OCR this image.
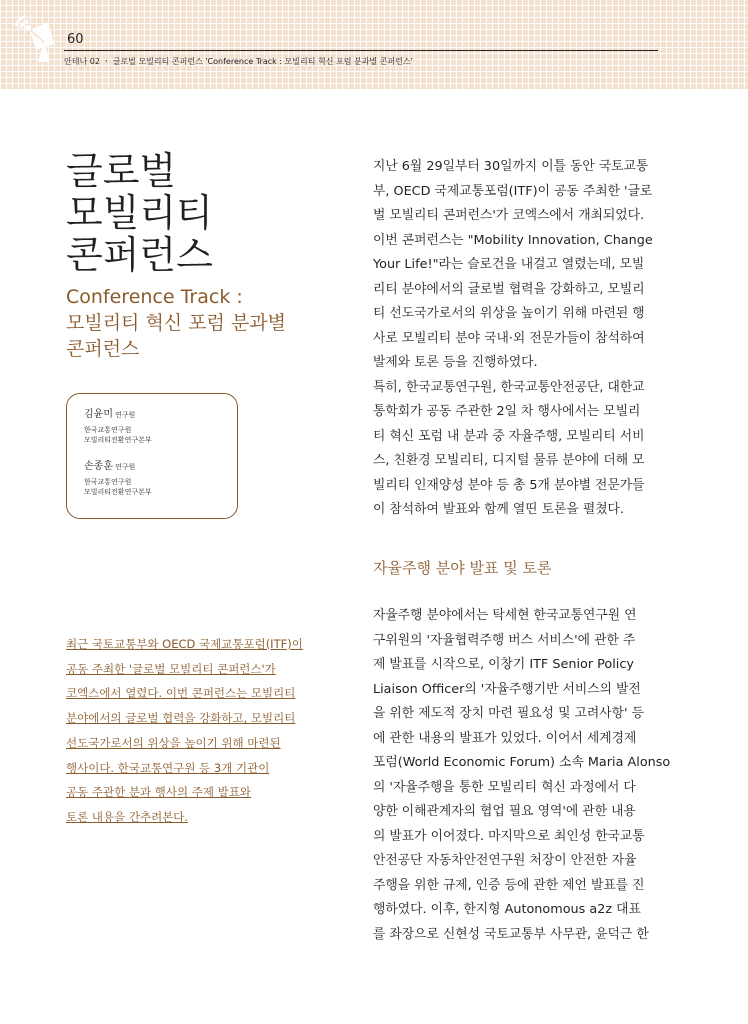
60
안테나 02 ㆍ 글로벌 모빌리티 콘퍼런스 'Conference Track : 모빌리티 혁신 포럼 분과별 콘퍼런스'
글로벌
모빌리티
콘퍼런스
Conference Track :
모빌리티 혁신 포럼 분과별
콘퍼런스
김윤미 연구원
한국교통연구원
모빌리티전환연구본부
손종훈 연구원
한국교통연구원
모빌리티전환연구본부
최근 국토교통부와 OECD 국제교통포럼(ITF)이
공동 주최한 '글로벌 모빌리티 콘퍼런스'가
코엑스에서 열렸다. 이번 콘퍼런스는 모빌리티
분야에서의 글로벌 협력을 강화하고, 모빌리티
선도국가로서의 위상을 높이기 위해 마련된
행사이다. 한국교통연구원 등 3개 기관이
공동 주관한 분과 행사의 주제 발표와
토론 내용을 간추려본다.
지난 6월 29일부터 30일까지 이틀 동안 국토교통
부, OECD 국제교통포럼(ITF)이 공동 주최한 '글로
벌 모빌리티 콘퍼런스'가 코엑스에서 개최되었다.
이번 콘퍼런스는 "Mobility Innovation, Change
Your Life!"라는 슬로건을 내걸고 열렸는데, 모빌
리티 분야에서의 글로벌 협력을 강화하고, 모빌리
티 선도국가로서의 위상을 높이기 위해 마련된 행
사로 모빌리티 분야 국내·외 전문가들이 참석하여
발제와 토론 등을 진행하였다.
특히, 한국교통연구원, 한국교통안전공단, 대한교
통학회가 공동 주관한 2일 차 행사에서는 모빌리
티 혁신 포럼 내 분과 중 자율주행, 모빌리티 서비
스, 친환경 모빌리티, 디지털 물류 분야에 더해 모
빌리티 인재양성 분야 등 총 5개 분야별 전문가들
이 참석하여 발표와 함께 열띤 토론을 펼쳤다.
자율주행 분야 발표 및 토론
자율주행 분야에서는 탁세현 한국교통연구원 연
구위원의 '자율협력주행 버스 서비스'에 관한 주
제 발표를 시작으로, 이창기 ITF Senior Policy
Liaison Officer의 '자율주행기반 서비스의 발전
을 위한 제도적 장치 마련 필요성 및 고려사항' 등
에 관한 내용의 발표가 있었다. 이어서 세계경제
포럼(World Economic Forum) 소속 Maria Alonso
의 '자율주행을 통한 모빌리티 혁신 과정에서 다
양한 이해관계자의 협업 필요 영역'에 관한 내용
의 발표가 이어졌다. 마지막으로 최인성 한국교통
안전공단 자동차안전연구원 처장이 안전한 자율
주행을 위한 규제, 인증 등에 관한 제언 발표를 진
행하였다. 이후, 한지형 Autonomous a2z 대표
를 좌장으로 신현성 국토교통부 사무관, 윤덕근 한
